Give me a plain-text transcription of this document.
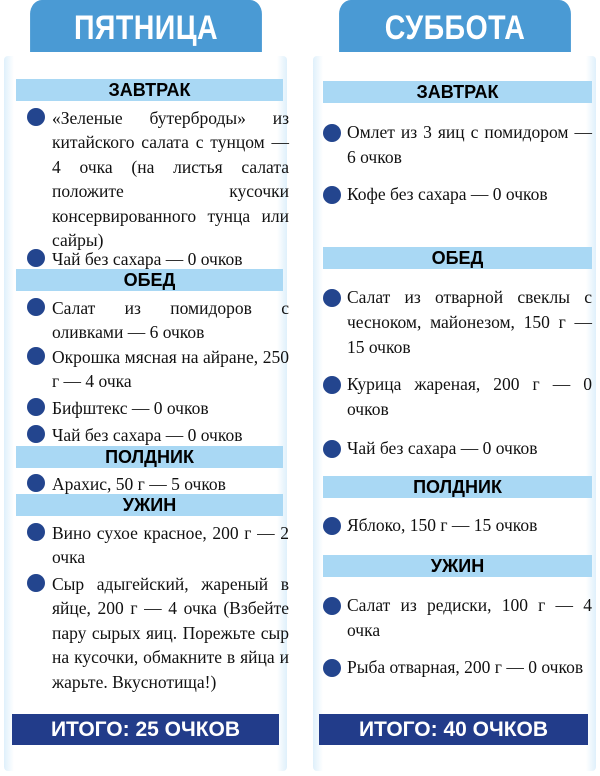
ПЯТНИЦА
ЗАВТРАК
«Зеленые бутерброды» из китайского салата с тунцом — 4 очка (на листья салата положите кусочки консервированного тунца или сайры)
Чай без сахара — 0 очков
ОБЕД
Салат из помидоров с оливками — 6 очков
Окрошка мясная на айране, 250 г — 4 очка
Бифштекс — 0 очков
Чай без сахара — 0 очков
ПОЛДНИК
Арахис, 50 г — 5 очков
УЖИН
Вино сухое красное, 200 г — 2 очка
Сыр адыгейский, жареный в яйце, 200 г — 4 очка (Взбейте пару сырых яиц. Порежьте сыр на кусочки, обмакните в яйца и жарьте. Вкуснотища!)
ИТОГО: 25 ОЧКОВ
СУББОТА
ЗАВТРАК
Омлет из 3 яиц с помидором — 6 очков
Кофе без сахара — 0 очков
ОБЕД
Салат из отварной свеклы с чесноком, майонезом, 150 г — 15 очков
Курица жареная, 200 г — 0 очков
Чай без сахара — 0 очков
ПОЛДНИК
Яблоко, 150 г — 15 очков
УЖИН
Салат из редиски, 100 г — 4 очка
Рыба отварная, 200 г — 0 очков
ИТОГО: 40 ОЧКОВ
